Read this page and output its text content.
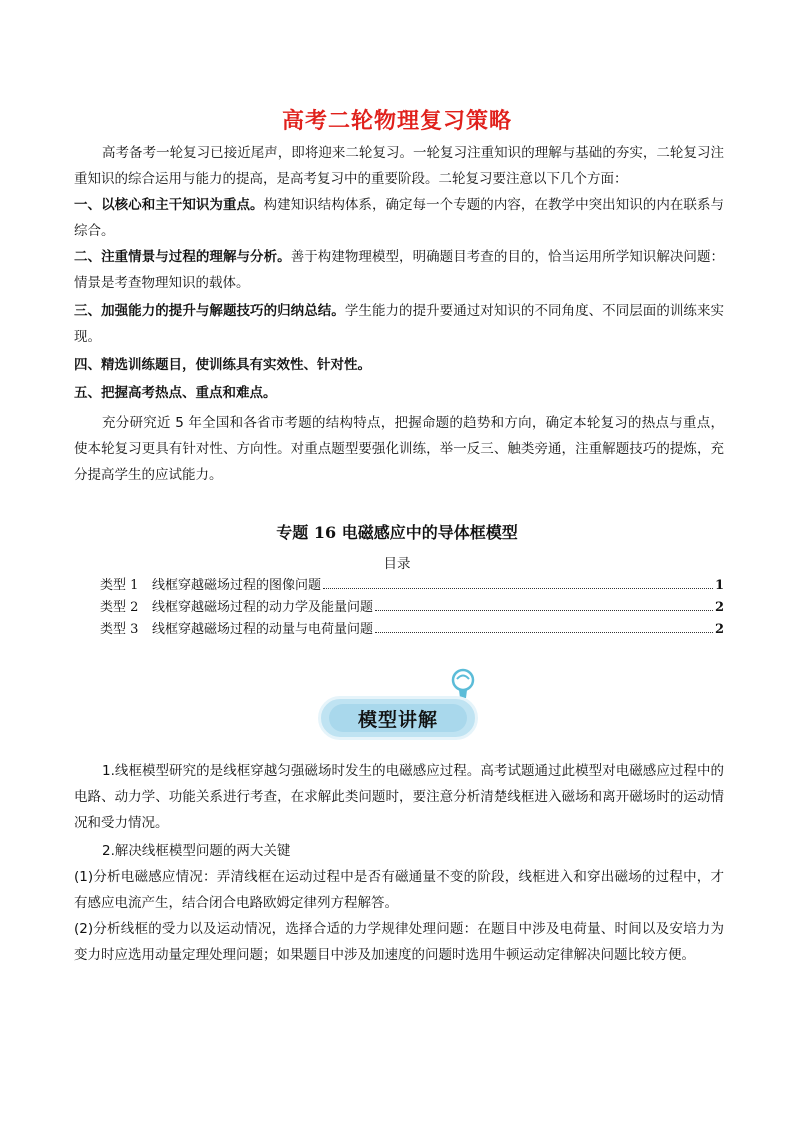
高考二轮物理复习策略

高考备考一轮复习已接近尾声，即将迎来二轮复习。一轮复习注重知识的理解与基础的夯实，二轮复习注重知识的综合运用与能力的提高，是高考复习中的重要阶段。二轮复习要注意以下几个方面：

一、以核心和主干知识为重点。构建知识结构体系，确定每一个专题的内容，在教学中突出知识的内在联系与综合。

二、注重情景与过程的理解与分析。善于构建物理模型，明确题目考查的目的，恰当运用所学知识解决问题：情景是考查物理知识的载体。

三、加强能力的提升与解题技巧的归纳总结。学生能力的提升要通过对知识的不同角度、不同层面的训练来实现。

四、精选训练题目，使训练具有实效性、针对性。

五、把握高考热点、重点和难点。

充分研究近 5 年全国和各省市考题的结构特点，把握命题的趋势和方向，确定本轮复习的热点与重点，使本轮复习更具有针对性、方向性。对重点题型要强化训练，举一反三、触类旁通，注重解题技巧的提炼，充分提高学生的应试能力。

专题 16 电磁感应中的导体框模型
目录
类型 1	线框穿越磁场过程的图像问题	1
类型 2	线框穿越磁场过程的动力学及能量问题	2
类型 3	线框穿越磁场过程的动量与电荷量问题	2
模型讲解

1.线框模型研究的是线框穿越匀强磁场时发生的电磁感应过程。高考试题通过此模型对电磁感应过程中的电路、动力学、功能关系进行考查，在求解此类问题时，要注意分析清楚线框进入磁场和离开磁场时的运动情况和受力情况。

2.解决线框模型问题的两大关键

(1)分析电磁感应情况：弄清线框在运动过程中是否有磁通量不变的阶段，线框进入和穿出磁场的过程中，才有感应电流产生，结合闭合电路欧姆定律列方程解答。

(2)分析线框的受力以及运动情况，选择合适的力学规律处理问题：在题目中涉及电荷量、时间以及安培力为变力时应选用动量定理处理问题；如果题目中涉及加速度的问题时选用牛顿运动定律解决问题比较方便。
